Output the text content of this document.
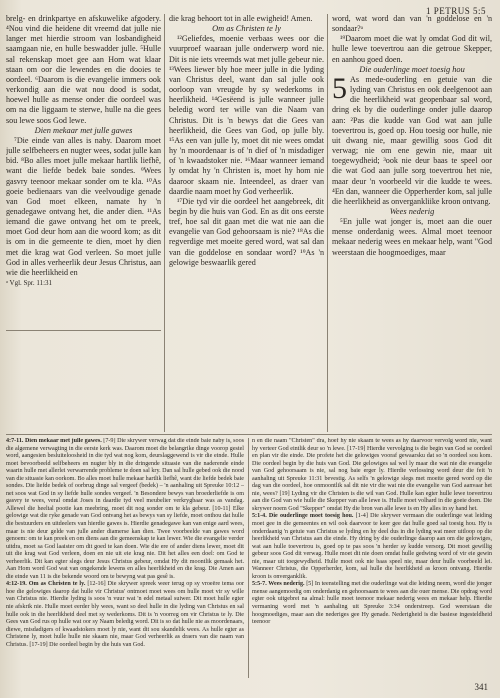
1 PETRUS 5:5

brelg- en drinkpartye en afskuwelike afgodery. ⁴Nou vind die heidene dit vreemd dat julle nie langer met hierdie stroom van losbandigheid saamgaan nie, en hulle beswadder julle. ⁵Hulle sal rekenskap moet gee aan Hom wat klaar staan om oor die lewendes en die dooies te oordeel. ⁶Daarom is die evangelie immers ook verkondig aan die wat nou dood is sodat, hoewel hulle as mense onder die oordeel was om na die liggaam te sterwe, hulle na die gees sou lewe soos God lewe.

Dien mekaar met julle gawes

⁷Die einde van alles is naby. Daarom moet julle selfbeheers en nugter wees, sodat julle kan bid. ⁸Bo alles moet julle mekaar hartlik liefhê, want die liefde bedek baie sondes. ⁹Wees gasvry teenoor mekaar sonder om te kla. ¹⁰As goeie bedienaars van die veelvoudige genade van God moet elkeen, namate hy 'n genadegawe ontvang het, die ander dien. ¹¹As iemand die gawe ontvang het om te preek, moet God deur hom aan die woord kom; as dit is om in die gemeente te dien, moet hy dien met die krag wat God verleen. So moet julle God in alles verheerlik deur Jesus Christus, aan wie die heerlikheid en

ᵃ Vgl. Spr. 11:31

die krag behoort tot in alle ewigheid! Amen.

Om as Christen te ly

¹²Geliefdes, moenie verbaas wees oor die vuurproef waaraan julle onderwerp word nie. Dit is nie iets vreemds wat met julle gebeur nie. ¹³Wees liewer bly hoe meer julle in die lyding van Christus deel, want dan sal julle ook oorloop van vreugde by sy wederkoms in heerlikheid. ¹⁴Gesëend is julle wanneer julle beledig word ter wille van die Naam van Christus. Dit is 'n bewys dat die Gees van heerlikheid, die Gees van God, op julle bly. ¹⁵As een van julle ly, moet dit nie wees omdat hy 'n moordenaar is of 'n dief of 'n misdadiger of 'n kwaadstoker nie. ¹⁶Maar wanneer iemand ly omdat hy 'n Christen is, moet hy hom nie daaroor skaam nie. Inteendeel, as draer van daardie naam moet hy God verheerlik.

¹⁷Die tyd vir die oordeel het aangebreek, dit begin by die huis van God. En as dit ons eerste tref, hoe sal dit gaan met die wat nie aan die evangelie van God gehoorsaam is nie? ¹⁸As die regverdige met moeite gered word, wat sal dan van die goddelose en sondaar word? ¹⁹As 'n gelowige beswaarlik gered

word, wat word dan van 'n goddelose en 'n sondaar?ᵃ

¹⁹Daarom moet die wat ly omdat God dit wil, hulle lewe toevertrou aan die getroue Skepper, en aanhou goed doen.

Die ouderlinge moet toesig hou

5 As mede-ouderling en getuie van die lyding van Christus en ook deelgenoot aan die heerlikheid wat geopenbaar sal word, dring ek by die ouderlinge onder julle daarop aan: ²Pas die kudde van God wat aan julle toevertrou is, goed op. Hou toesig oor hulle, nie uit dwang nie, maar gewillig soos God dit verwag; nie om ene gewin nie, maar uit toegewydheid; ³ook nie deur baas te speel oor die wat God aan julle sorg toevertrou het nie, maar deur 'n voorbeeld vir die kudde te wees. ⁴En dan, wanneer die Opperherder kom, sal julle die heerlikheid as onvergankliike kroon ontvang.

Wees nederig

⁵En julle wat jonger is, moet aan die ouer mense onderdanig wees. Almal moet teenoor mekaar nederig wees en mekaar help, want "God weerstaan die hoogmoediges, maar

4:7-11. Dien mekaar met julle gawes. [7-9] Die skrywer verwag dat die einde baie naby is, soos die algemene verwagting in die eerste kerk was. Daarom moet die belangrike dinge voorop gestel word, aangesien besluiteloosheid in die tyd wat nog kom, deurslaggewend is vir die einde. Hulle moet bevoorbeeld selfbeheers en nugter bly in die dringende situasie van die naderende einde waarin hulle met allerlei verwarrende probleme te doen sal kry. Dan sal hulle gebed ook die nood van die situasie kan oorkom. Bo alles moet hulle mekaar hartlik liefhê, want die liefde bedek baie sondes. Die liefde bedek of oorbrug dinge sal vergeef (bedek) – 'n aanhaling uit Spreuke 10:12 – net soos wat God in sy liefde hulle sondes vergeef. 'n Besondere bewys van broederliefde is om gasvry te wees, veral omdat Joses in daardie tyd veel meubelier verkrygbaar was as vandag. Allewel die heeltal pootie kan meebring, moet dit nog sonder om te kla gebeur. [10-11] Elke gelowige wat die ryke genade van God ontvang het as bewys van sy liefde, moet onthou dat hulle die bestuurders en uitdeelers van hierdie gawes is. Hierdie genadegawe kan van enige aard wees, maar is nie deur gelde van julle ander diamerse kan dien. Twee voorbeelde van gawes word genoem: om te kan preek en om diens aan die gemeenskap te kan lewer. Wie die evangelie verder uitdra, moet sa God laaister om dit goed te kan doen. Wie die ere of ander diens lewer, moet dit uit die krag wat God verleen, doen en nie uit eie krag nie. Dit het alles een doel: om God te verheerlik. Dit kan egter slegs deur Jesus Christus gebeur, omdat Hy dit moontlik gemaak het. Aan Hom word God wat van ongekende lewens en alles heerlikheid en die krag. Die Amen aan die einde van 11 is die bekende woord om te bewyng wat pas gesê is.

4:12-19. Om as Christen te ly. [12-16] Die skrywer spreek weer terug op sy vroeëre tema oor hoe die gelowiges daarop dat hulle vir Christus' ontmoet moet wees om hulle moet vir sy wille van Christus nie. Hierdie lyding is soos 'n vuur wat 'n edel metaal suiwer. Dit moet hulle egter nie afskrik nie. Hulle moet eerder bly wees, want so deel hulle in die lyding van Christus en sal hulle ook in die heerlikheid deel met sy wederkoms. Dit is 'n voorreg om vir Christus te ly. Die Gees van God rus op hulle wat oor sy Naam beledig word. Dit is so dat hulle nie as moordenaars, diewe, misdadigers of kwaadstokers moet ly nie, want dit sou skandelik wees. As hulle egter as Christene ly, moet hulle hulle nie skaam nie, maar God verheerlik as draers van die naam van Christus. [17-19] Die oordeel begin by die huis van God.

n en die naam "Christen" dra, hoef hy nie skaam te wees as hy daarvoor vervolg word nie, want hy verteer God eintlik deur so 'n lewe. [17-19] Hierdie vervolging is die begin van God se oordeel en plan vir die einde. Die profete het die gelowiges vooraf gewaarsku dat so 'n oordeel sou kom. Die oordeel begin by die huis van God. Die gelowiges sal wel ly maar die wat nie die evangelie van God gehoorsaam is nie, sal nog baie erger ly. Hierdie verlossing word deur die feit 'n aanhaling uit Spreuke 11:31 bevestig. As selfs 'n gelowige slegs met moeite gered word op die dag van die oordeel, hoe onmoontlik sal dit nie vir die wat nie die evangelie van God aanvaar het nie, wees? [19] Lyding vir die Christen is die wil van God. Hulle kan egter hulle lewe toevertrou aan die God van wie hulle die Skepper van alle lewe is. Hulle moet volhard in die goeie doen. Die skrywer noem God "Skepper" omdat Hy die bron van alle lewe is en Hy alles in sy hand het.

5:1-4. Die ouderlinge moet toesig hou. [1-4] Die skrywer vermaan die ouderlinge wat leiding moet gee in die gemeentes en wil ook daarvoor te keer gee dat hulle goed sal toesig hou. Hy is onderdaanig 'n getuie van Christus se lyding en hy deel dus in die lyding wat meer uitloop op die heerlikheid van Christus aan die einde. Hy dring by die ouderlinge daarop aan om die gelowiges, wat aan hulle toevertrou is, goed op te pas soos 'n herder sy kudde versorg. Dit moet gewillig gebeur soos God dit verwag. Hulle moet dit nie doen omdat hulle gedwing word of vir eie gewin nie, maar uit toegewydheid. Hulle moet ook nie baas speel nie, maar deur hulle voorbeeld lei. Wanneer Christus, die Opperherder, kom, sal hulle die heerlikheid as kroon ontvang. Hierdie kroon is onverganklik.

5:5-7. Wees nederig. [5] In teenstelling met die ouderlinge wat die leiding neem, word die jonger mense aangemoedig om onderdanig en gehoorsaam te wees aan die ouer mense. Die opdrag word egter ook uitgebrei na almal: hulle moet teenoor mekaar nederig wees en mekaar help. Hierdie vermaning word met 'n aanhaling uit Spreuke 3:34 onderstreep. God weerstaan die hoogmoediges, maar aan die nederiges gee Hy genade. Nederigheid is die basiese ingesteldheid teenoor

341
